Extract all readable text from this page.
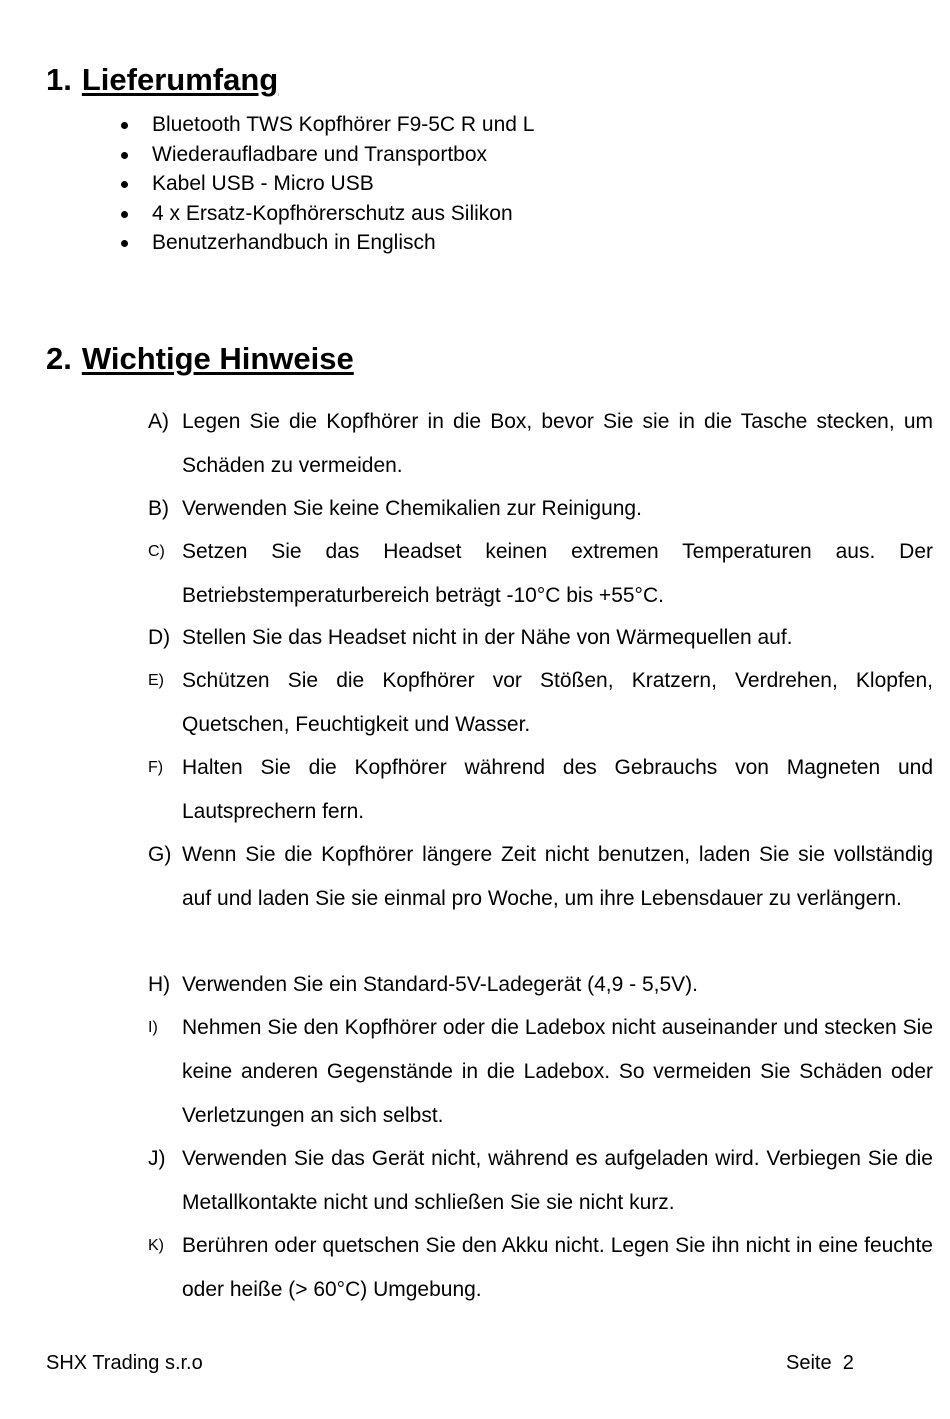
1. Lieferumfang
Bluetooth TWS Kopfhörer F9-5C R und L
Wiederaufladbare und Transportbox
Kabel USB - Micro USB
4 x Ersatz-Kopfhörerschutz aus Silikon
Benutzerhandbuch in Englisch
2. Wichtige Hinweise
A) Legen Sie die Kopfhörer in die Box, bevor Sie sie in die Tasche stecken, um Schäden zu vermeiden.

B) Verwenden Sie keine Chemikalien zur Reinigung.

C) Setzen Sie das Headset keinen extremen Temperaturen aus. Der Betriebstemperaturbereich beträgt -10°C bis +55°C.

D) Stellen Sie das Headset nicht in der Nähe von Wärmequellen auf.

E) Schützen Sie die Kopfhörer vor Stößen, Kratzern, Verdrehen, Klopfen, Quetschen, Feuchtigkeit und Wasser.

F) Halten Sie die Kopfhörer während des Gebrauchs von Magneten und Lautsprechern fern.

G) Wenn Sie die Kopfhörer längere Zeit nicht benutzen, laden Sie sie vollständig auf und laden Sie sie einmal pro Woche, um ihre Lebensdauer zu verlängern.

H) Verwenden Sie ein Standard-5V-Ladegerät (4,9 - 5,5V).

I) Nehmen Sie den Kopfhörer oder die Ladebox nicht auseinander und stecken Sie keine anderen Gegenstände in die Ladebox. So vermeiden Sie Schäden oder Verletzungen an sich selbst.

J) Verwenden Sie das Gerät nicht, während es aufgeladen wird. Verbiegen Sie die Metallkontakte nicht und schließen Sie sie nicht kurz.

K) Berühren oder quetschen Sie den Akku nicht. Legen Sie ihn nicht in eine feuchte oder heiße (> 60°C) Umgebung.

SHX Trading s.r.o	Seite  2
